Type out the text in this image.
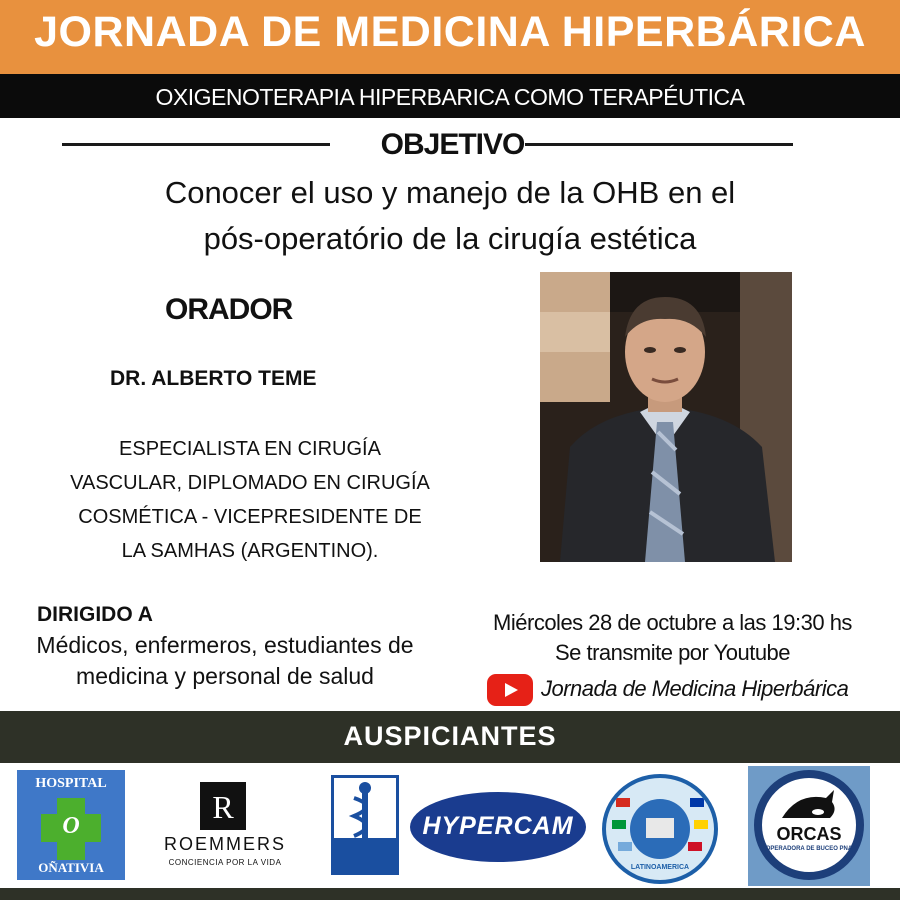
JORNADA DE MEDICINA HIPERBÁRICA
OXIGENOTERAPIA HIPERBARICA COMO TERAPÉUTICA
OBJETIVO
Conocer el uso y manejo de la OHB en el
pós-operatório de la cirugía estética
ORADOR
DR. ALBERTO TEME
ESPECIALISTA EN CIRUGÍA
VASCULAR, DIPLOMADO EN CIRUGÍA
COSMÉTICA - VICEPRESIDENTE DE
LA SAMHAS (ARGENTINO).
DIRIGIDO A
Médicos, enfermeros, estudiantes de
medicina y personal de salud
Miércoles 28 de octubre a las 19:30 hs
Se transmite por Youtube
Jornada de Medicina Hiperbárica
AUSPICIANTES
HOSPITAL
O
OÑATIVIA
R
ROEMMERS
CONCIENCIA POR LA VIDA
HYPERCAM
LATINOAMERICA
ORCAS
OPERADORA DE BUCEO PNA
